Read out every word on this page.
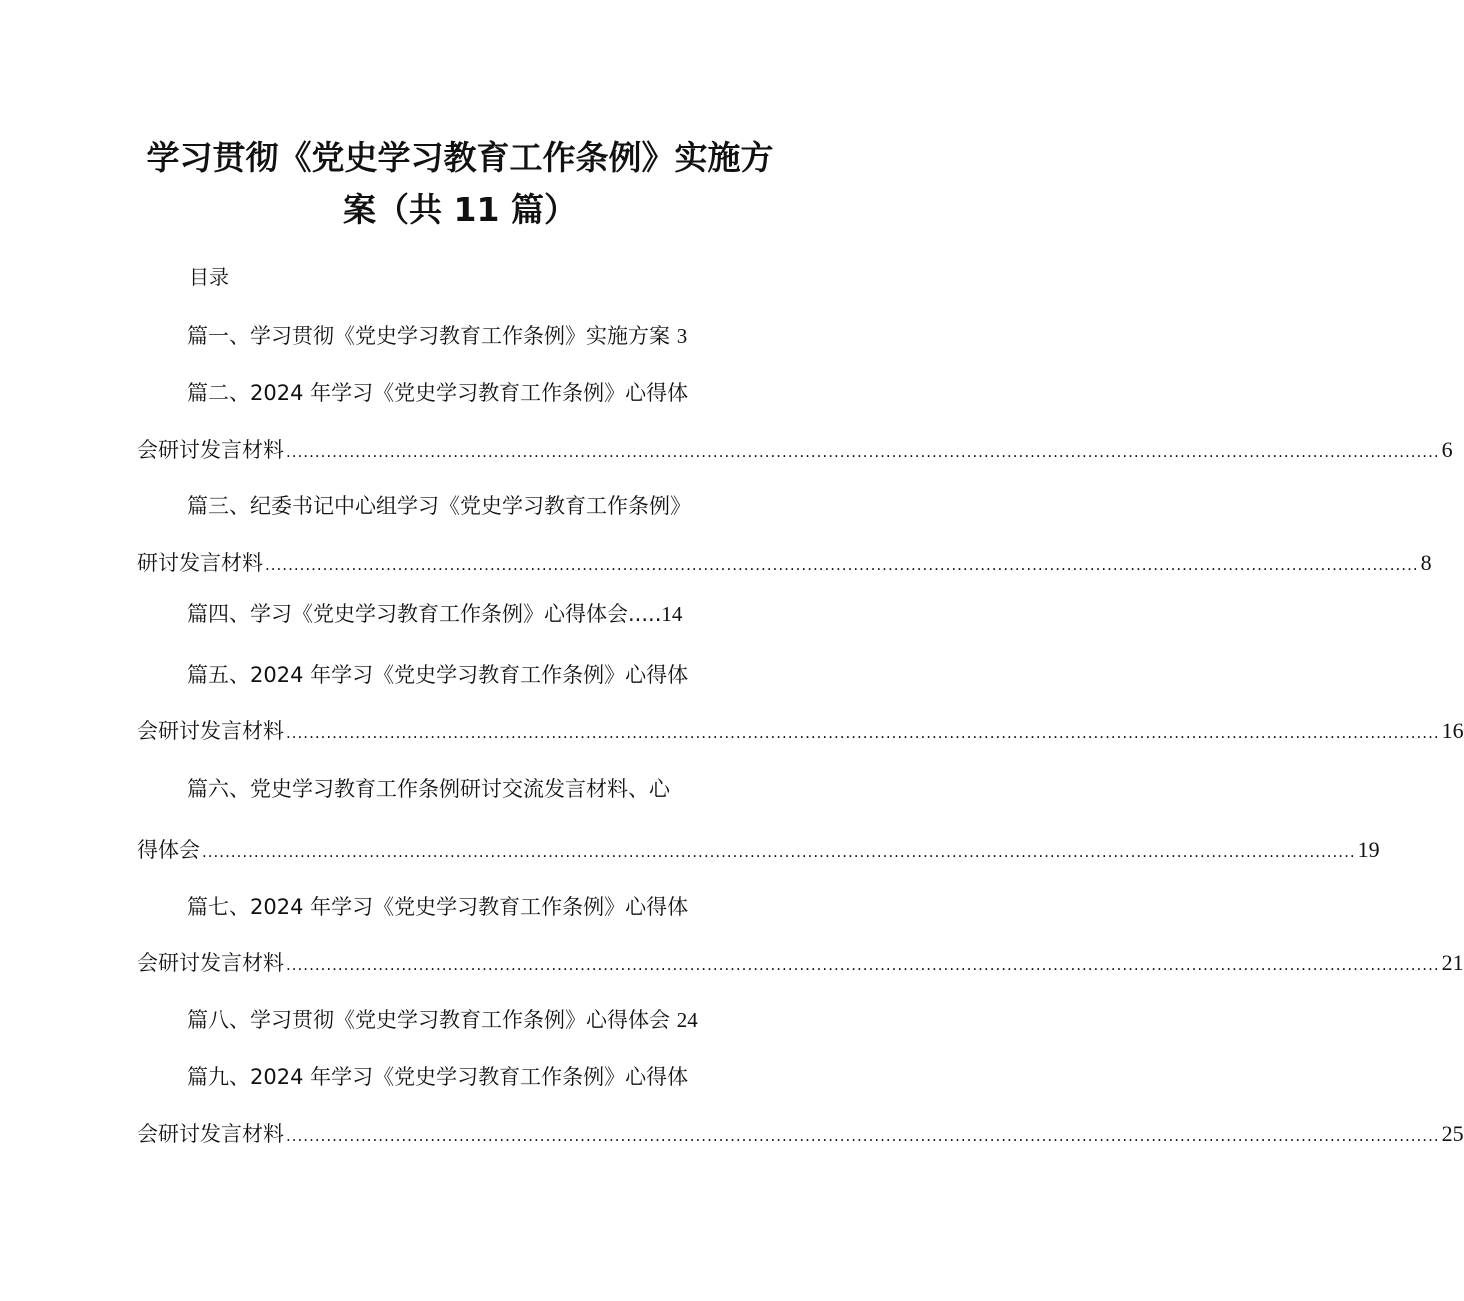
学习贯彻《党史学习教育工作条例》实施方
案（共 11 篇）
目录
篇一、学习贯彻《党史学习教育工作条例》实施方案 3
篇二、2024 年学习《党史学习教育工作条例》心得体
会研讨发言材料 ........................................................................................................................................................................................................ 6
篇三、纪委书记中心组学习《党史学习教育工作条例》
研讨发言材料 ........................................................................................................................................................................................................ 8
篇四、学习《党史学习教育工作条例》心得体会.....14
篇五、2024 年学习《党史学习教育工作条例》心得体
会研讨发言材料 ........................................................................................................................................................................................................ 16
篇六、党史学习教育工作条例研讨交流发言材料、心
得体会 ........................................................................................................................................................................................................ 19
篇七、2024 年学习《党史学习教育工作条例》心得体
会研讨发言材料 ........................................................................................................................................................................................................ 21
篇八、学习贯彻《党史学习教育工作条例》心得体会 24
篇九、2024 年学习《党史学习教育工作条例》心得体
会研讨发言材料 ........................................................................................................................................................................................................ 25
